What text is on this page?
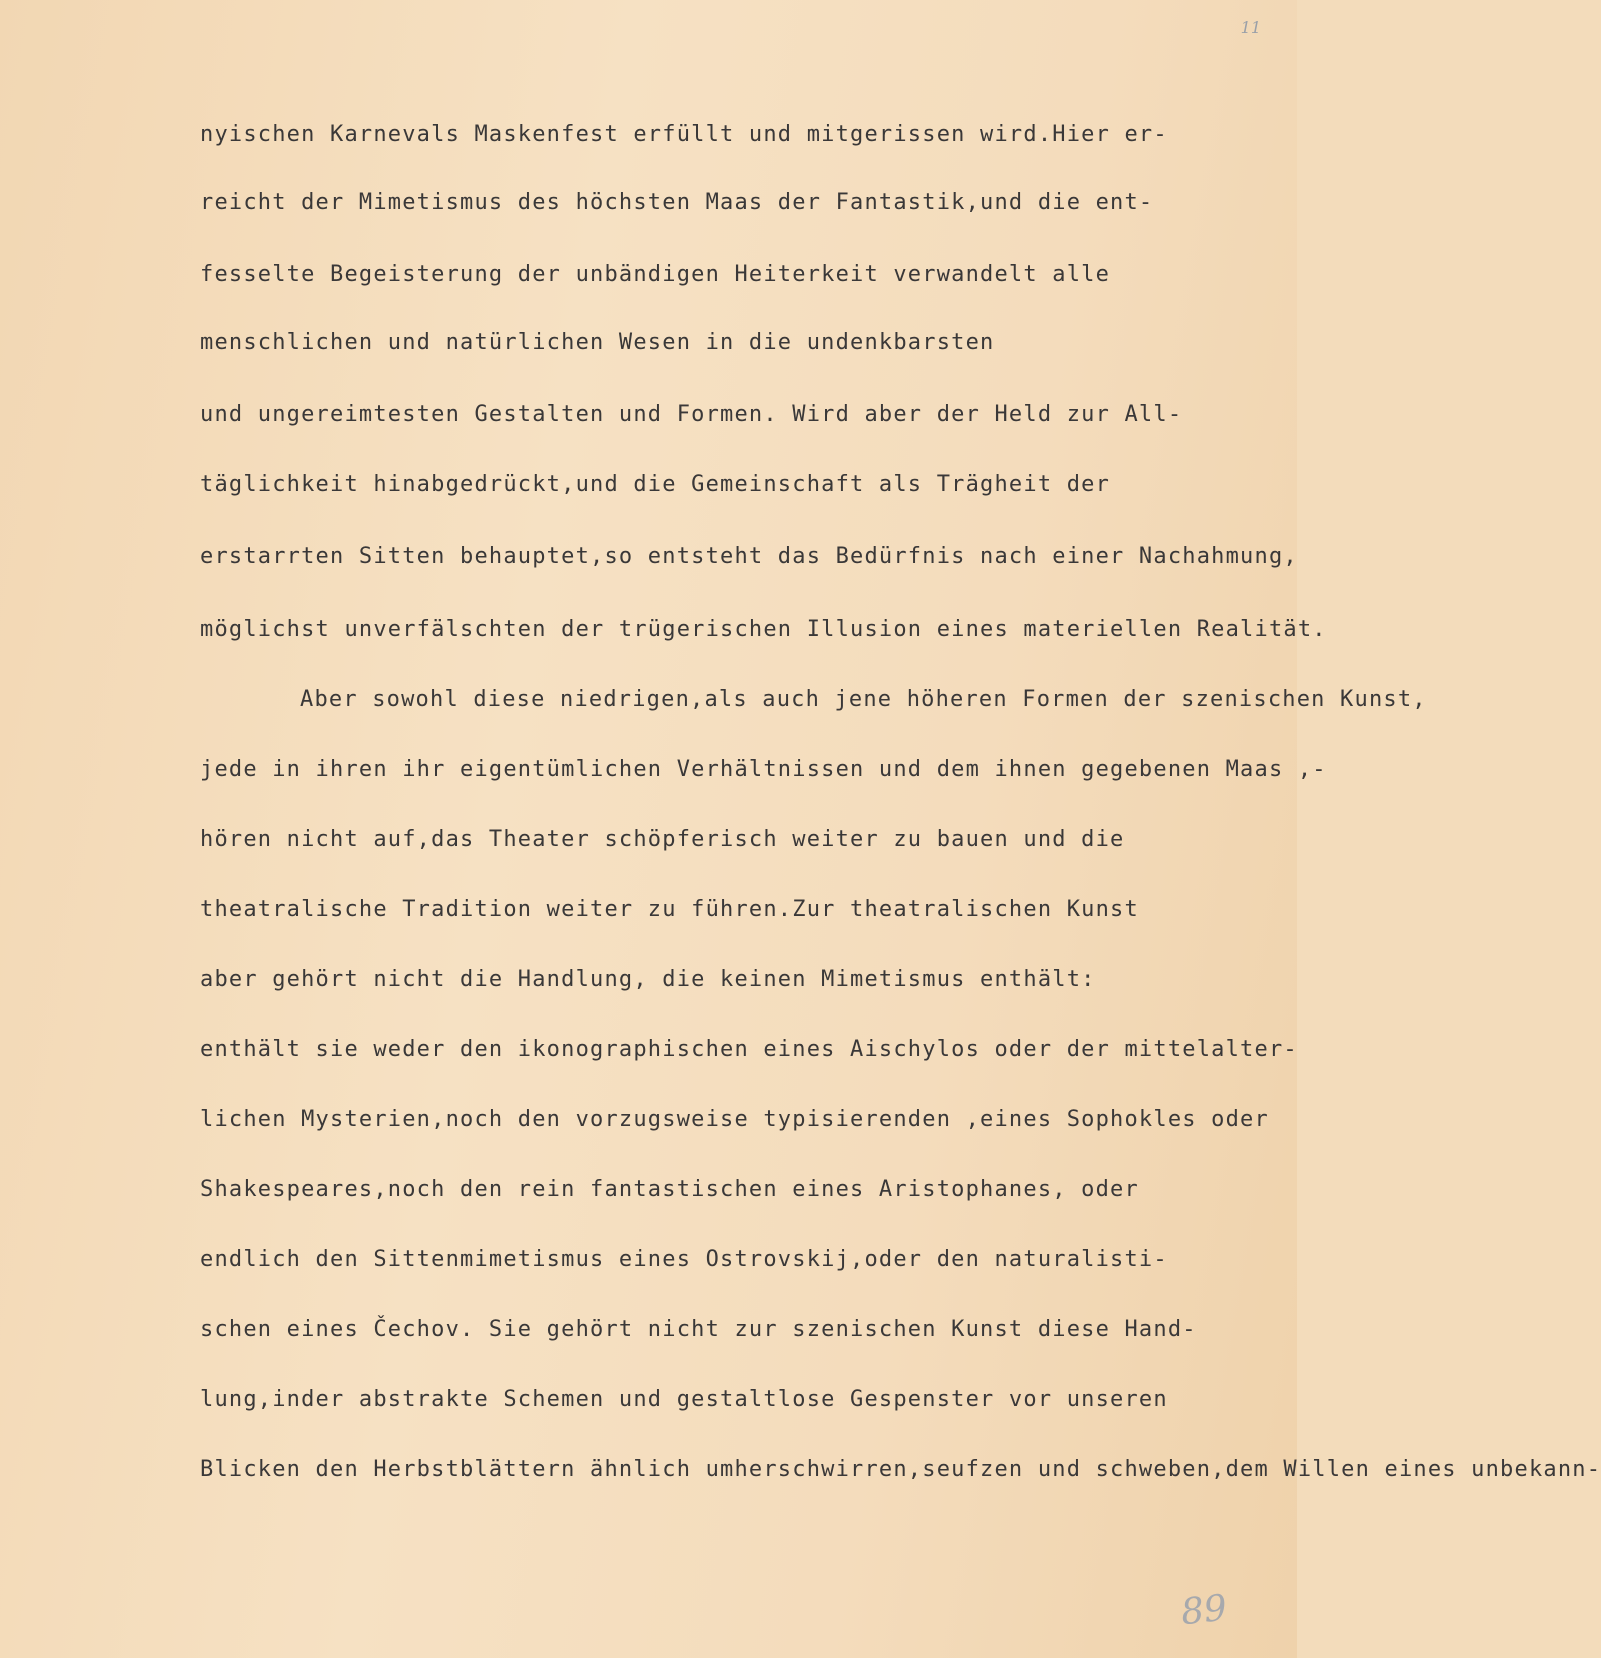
11
nyischen Karnevals Maskenfest erfüllt und mitgerissen wird.Hier er-
reicht der Mimetismus des höchsten Maas der Fantastik,und die ent-
fesselte Begeisterung der unbändigen Heiterkeit verwandelt alle
menschlichen und natürlichen Wesen in die undenkbarsten
und ungereimtesten Gestalten und Formen. Wird aber der Held zur All-
täglichkeit hinabgedrückt,und die Gemeinschaft als Trägheit der
erstarrten Sitten behauptet,so entsteht das Bedürfnis nach einer Nachahmung,
möglichst unverfälschten der trügerischen Illusion eines materiellen Realität.
Aber sowohl diese niedrigen,als auch jene höheren Formen der szenischen Kunst,
jede in ihren ihr eigentümlichen Verhältnissen und dem ihnen gegebenen Maas ,-
hören nicht auf,das Theater schöpferisch weiter zu bauen und die
theatralische Tradition weiter zu führen.Zur theatralischen Kunst
aber gehört nicht die Handlung, die keinen Mimetismus enthält:
enthält sie weder den ikonographischen eines Aischylos oder der mittelalter-
lichen Mysterien,noch den vorzugsweise typisierenden ,eines Sophokles oder
Shakespeares,noch den rein fantastischen eines Aristophanes, oder
endlich den Sittenmimetismus eines Ostrovskij,oder den naturalisti-
schen eines Čechov. Sie gehört nicht zur szenischen Kunst diese Hand-
lung,inder abstrakte Schemen und gestaltlose Gespenster vor unseren
Blicken den Herbstblättern ähnlich umherschwirren,seufzen und schweben,dem Willen eines unbekann-
89
